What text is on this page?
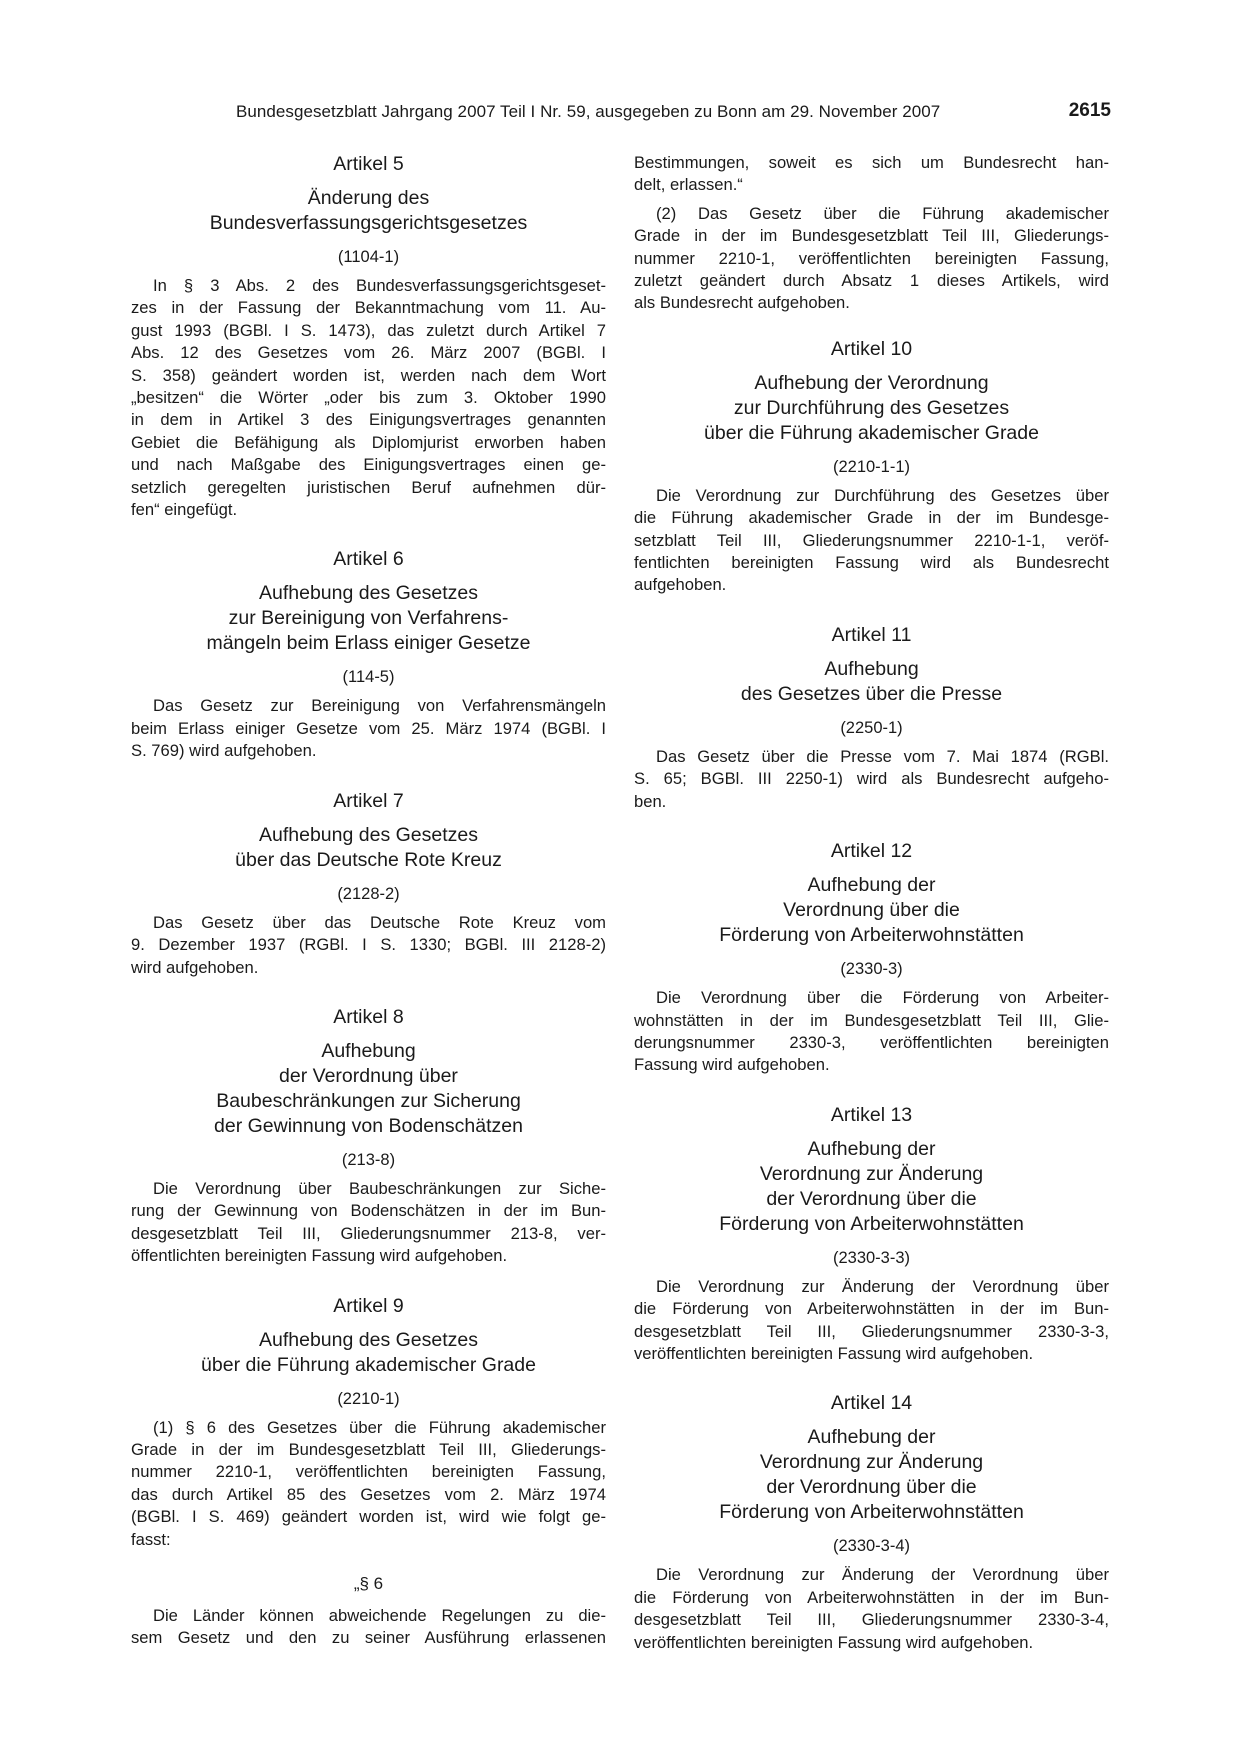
Bundesgesetzblatt Jahrgang 2007 Teil I Nr. 59, ausgegeben zu Bonn am 29. November 2007	2615
Artikel 5
Änderung des
Bundesverfassungsgerichtsgesetzes
(1104-1)
In § 3 Abs. 2 des Bundesverfassungsgerichtsgeset-
zes in der Fassung der Bekanntmachung vom 11. Au-
gust 1993 (BGBl. I S. 1473), das zuletzt durch Artikel 7
Abs. 12 des Gesetzes vom 26. März 2007 (BGBl. I
S. 358) geändert worden ist, werden nach dem Wort
„besitzen“ die Wörter „oder bis zum 3. Oktober 1990
in dem in Artikel 3 des Einigungsvertrages genannten
Gebiet die Befähigung als Diplomjurist erworben haben
und nach Maßgabe des Einigungsvertrages einen ge-
setzlich geregelten juristischen Beruf aufnehmen dür-
fen“ eingefügt.
Artikel 6
Aufhebung des Gesetzes
zur Bereinigung von Verfahrens-
mängeln beim Erlass einiger Gesetze
(114-5)
Das Gesetz zur Bereinigung von Verfahrensmängeln
beim Erlass einiger Gesetze vom 25. März 1974 (BGBl. I
S. 769) wird aufgehoben.
Artikel 7
Aufhebung des Gesetzes
über das Deutsche Rote Kreuz
(2128-2)
Das Gesetz über das Deutsche Rote Kreuz vom
9. Dezember 1937 (RGBl. I S. 1330; BGBl. III 2128-2)
wird aufgehoben.
Artikel 8
Aufhebung
der Verordnung über
Baubeschränkungen zur Sicherung
der Gewinnung von Bodenschätzen
(213-8)
Die Verordnung über Baubeschränkungen zur Siche-
rung der Gewinnung von Bodenschätzen in der im Bun-
desgesetzblatt Teil III, Gliederungsnummer 213-8, ver-
öffentlichten bereinigten Fassung wird aufgehoben.
Artikel 9
Aufhebung des Gesetzes
über die Führung akademischer Grade
(2210-1)
(1) § 6 des Gesetzes über die Führung akademischer
Grade in der im Bundesgesetzblatt Teil III, Gliederungs-
nummer 2210-1, veröffentlichten bereinigten Fassung,
das durch Artikel 85 des Gesetzes vom 2. März 1974
(BGBl. I S. 469) geändert worden ist, wird wie folgt ge-
fasst:
„§ 6
Die Länder können abweichende Regelungen zu die-
sem Gesetz und den zu seiner Ausführung erlassenen
Bestimmungen, soweit es sich um Bundesrecht han-
delt, erlassen.“
(2) Das Gesetz über die Führung akademischer
Grade in der im Bundesgesetzblatt Teil III, Gliederungs-
nummer 2210-1, veröffentlichten bereinigten Fassung,
zuletzt geändert durch Absatz 1 dieses Artikels, wird
als Bundesrecht aufgehoben.
Artikel 10
Aufhebung der Verordnung
zur Durchführung des Gesetzes
über die Führung akademischer Grade
(2210-1-1)
Die Verordnung zur Durchführung des Gesetzes über
die Führung akademischer Grade in der im Bundesge-
setzblatt Teil III, Gliederungsnummer 2210-1-1, veröf-
fentlichten bereinigten Fassung wird als Bundesrecht
aufgehoben.
Artikel 11
Aufhebung
des Gesetzes über die Presse
(2250-1)
Das Gesetz über die Presse vom 7. Mai 1874 (RGBl.
S. 65; BGBl. III 2250-1) wird als Bundesrecht aufgeho-
ben.
Artikel 12
Aufhebung der
Verordnung über die
Förderung von Arbeiterwohnstätten
(2330-3)
Die Verordnung über die Förderung von Arbeiter-
wohnstätten in der im Bundesgesetzblatt Teil III, Glie-
derungsnummer 2330-3, veröffentlichten bereinigten
Fassung wird aufgehoben.
Artikel 13
Aufhebung der
Verordnung zur Änderung
der Verordnung über die
Förderung von Arbeiterwohnstätten
(2330-3-3)
Die Verordnung zur Änderung der Verordnung über
die Förderung von Arbeiterwohnstätten in der im Bun-
desgesetzblatt Teil III, Gliederungsnummer 2330-3-3,
veröffentlichten bereinigten Fassung wird aufgehoben.
Artikel 14
Aufhebung der
Verordnung zur Änderung
der Verordnung über die
Förderung von Arbeiterwohnstätten
(2330-3-4)
Die Verordnung zur Änderung der Verordnung über
die Förderung von Arbeiterwohnstätten in der im Bun-
desgesetzblatt Teil III, Gliederungsnummer 2330-3-4,
veröffentlichten bereinigten Fassung wird aufgehoben.
